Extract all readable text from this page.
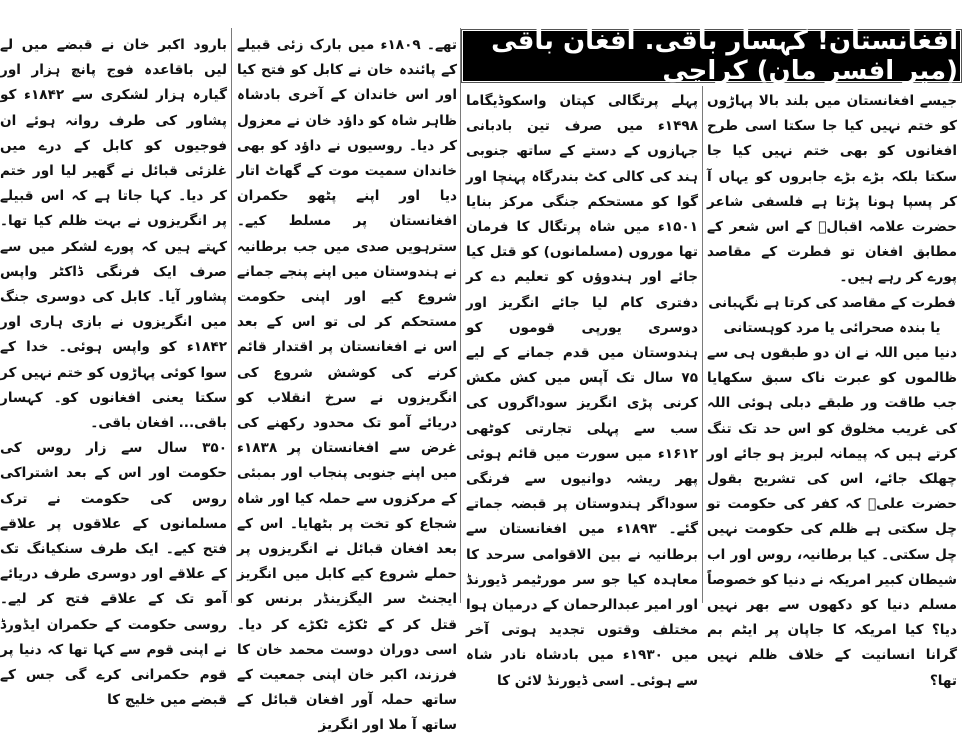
بارود اکبر خان نے قبضے میں لے لیں باقاعدہ فوج پانچ ہزار اور گیارہ ہزار لشکری سے ۱۸۴۲ء کو پشاور کی طرف روانہ ہوئے ان فوجیوں کو کابل کے درے میں غلزئی قبائل نے گھیر لیا اور ختم کر دیا۔ کہا جاتا ہے کہ اس قبیلے پر انگریزوں نے بہت ظلم کیا تھا۔ کہتے ہیں کہ پورے لشکر میں سے صرف ایک فرنگی ڈاکٹر واپس پشاور آیا۔ کابل کی دوسری جنگ میں انگریزوں نے بازی ہاری اور ۱۸۴۲ء کو واپس ہوئی۔ خدا کے سوا کوئی پہاڑوں کو ختم نہیں کر سکتا یعنی افغانوں کو۔ کہسار باقی... افغان باقی۔

۳۵۰ سال سے زار روس کی حکومت اور اس کے بعد اشتراکی روس کی حکومت نے ترک مسلمانوں کے علاقوں پر علاقے فتح کیے۔ ایک طرف سنکیانگ تک کے علاقے اور دوسری طرف دریائے آمو تک کے علاقے فتح کر لیے۔ روسی حکومت کے حکمران ایڈورڈ نے اپنی قوم سے کہا تھا کہ دنیا پر قوم حکمرانی کرے گی جس کے قبضے میں خلیج کا

تھے۔ ۱۸۰۹ء میں بارک زئی قبیلے کے پائندہ خان نے کابل کو فتح کیا اور اس خاندان کے آخری بادشاہ ظاہر شاہ کو داؤد خان نے معزول کر دیا۔ روسیوں نے داؤد کو بھی خاندان سمیت موت کے گھاٹ اتار دیا اور اپنے پٹھو حکمران افغانستان پر مسلط کیے۔ سترہویں صدی میں جب برطانیہ نے ہندوستان میں اپنے پنجے جمانے شروع کیے اور اپنی حکومت مستحکم کر لی تو اس کے بعد اس نے افغانستان پر اقتدار قائم کرنے کی کوشش شروع کی انگریزوں نے سرخ انقلاب کو دریائے آمو تک محدود رکھنے کی غرض سے افغانستان پر ۱۸۳۸ء میں اپنے جنوبی پنجاب اور بمبئی کے مرکزوں سے حملہ کیا اور شاہ شجاع کو تخت پر بٹھایا۔ اس کے بعد افغان قبائل نے انگریزوں پر حملے شروع کیے کابل میں انگریز ایجنٹ سر الیگزینڈر برنس کو قتل کر کے ٹکڑے ٹکڑے کر دیا۔ اسی دوران دوست محمد خان کا فرزند، اکبر خان اپنی جمعیت کے ساتھ حملہ آور افغان قبائل کے ساتھ آ ملا اور انگریز

افغانستان! کہسار باقی. افغان باقی (میر افسر مان) کراچی

پہلے پرتگالی کپتان واسکوڈیگاما ۱۴۹۸ء میں صرف تین بادبانی جہازوں کے دستے کے ساتھ جنوبی ہند کی کالی کٹ بندرگاہ پہنچا اور گوا کو مستحکم جنگی مرکز بنایا ۱۵۰۱ء میں شاہ پرتگال کا فرمان تھا موروں (مسلمانوں) کو قتل کیا جائے اور ہندوؤں کو تعلیم دے کر دفتری کام لیا جائے انگریز اور دوسری یورپی قوموں کو ہندوستان میں قدم جمانے کے لیے ۷۵ سال تک آپس میں کش مکش کرنی پڑی انگریز سوداگروں کی سب سے پہلی تجارتی کوٹھی ۱۶۱۲ء میں سورت میں قائم ہوئی پھر ریشہ دوانیوں سے فرنگی سوداگر ہندوستان پر قبضہ جماتے گئے۔ ۱۸۹۳ء میں افغانستان سے برطانیہ نے بین الاقوامی سرحد کا معاہدہ کیا جو سر مورٹیمر ڈیورنڈ اور امیر عبدالرحمان کے درمیان ہوا مختلف وقتوں تجدید ہوتی آخر میں ۱۹۳۰ء میں بادشاہ نادر شاہ سے ہوئی۔ اسی ڈیورنڈ لائن کا

جیسے افغانستان میں بلند بالا پہاڑوں کو ختم نہیں کیا جا سکتا اسی طرح افغانوں کو بھی ختم نہیں کیا جا سکتا بلکہ بڑے بڑے جابروں کو یہاں آ کر پسپا ہونا پڑتا ہے فلسفی شاعر حضرت علامہ اقبالؒ کے اس شعر کے مطابق افغان تو فطرت کے مقاصد پورے کر رہے ہیں۔

فطرت کے مقاصد کی کرتا ہے نگہبانی

یا بندہ صحرائی یا مرد کوہستانی

دنیا میں اللہ نے ان دو طبقوں ہی سے ظالموں کو عبرت ناک سبق سکھایا جب طاقت ور طبقے دبلی ہوئی اللہ کی غریب مخلوق کو اس حد تک تنگ کرتے ہیں کہ پیمانہ لبریز ہو جائے اور چھلک جائے، اس کی تشریح بقول حضرت علیؓ کہ کفر کی حکومت تو چل سکتی ہے ظلم کی حکومت نہیں چل سکتی۔ کیا برطانیہ، روس اور اب شیطان کبیر امریکہ نے دنیا کو خصوصاً مسلم دنیا کو دکھوں سے بھر نہیں دیا؟ کیا امریکہ کا جاپان پر ایٹم بم گرانا انسانیت کے خلاف ظلم نہیں تھا؟
